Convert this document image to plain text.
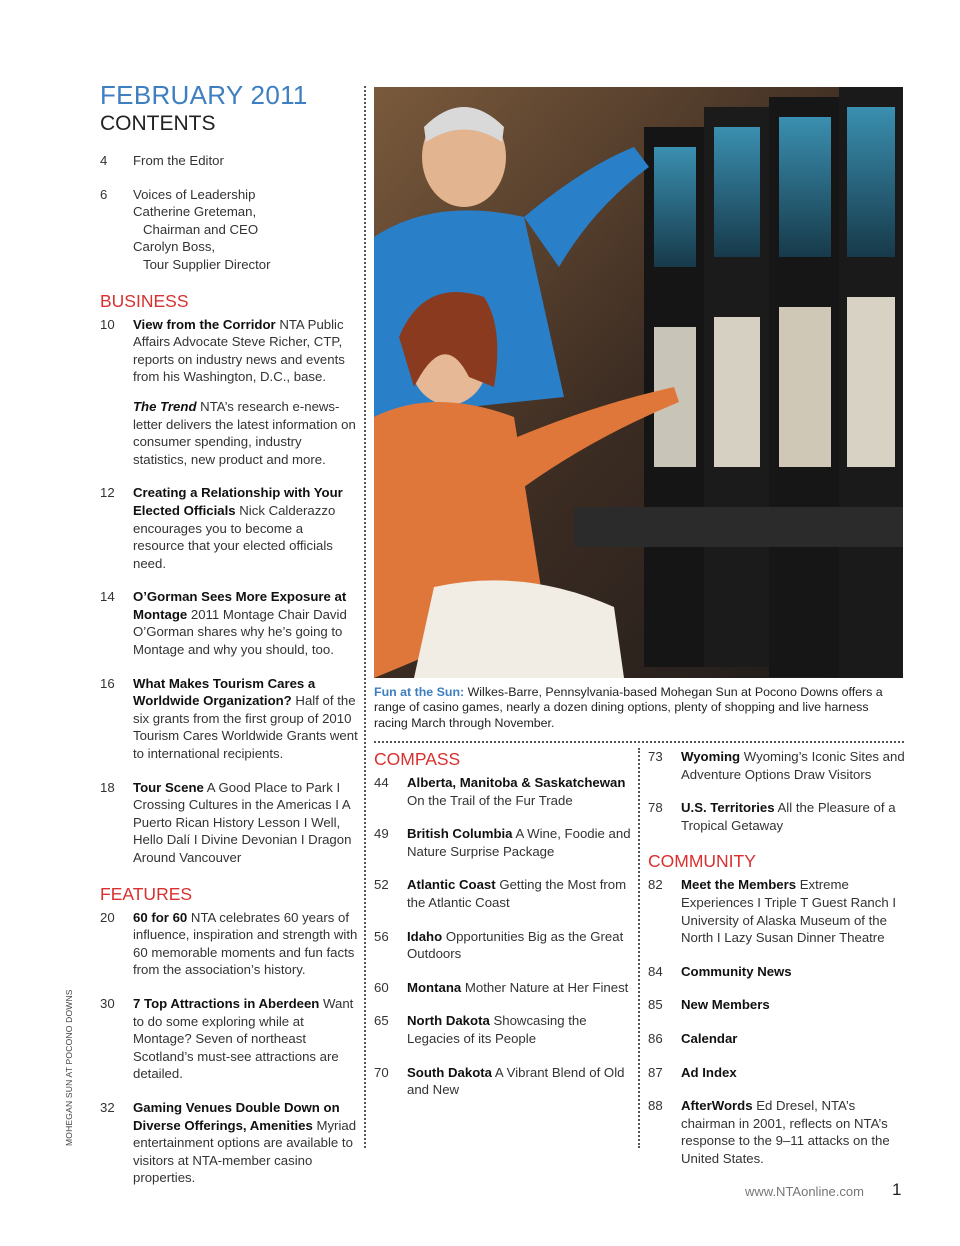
FEBRUARY 2011
CONTENTS
4	From the Editor
6	Voices of Leadership
Catherine Greteman,
Chairman and CEO
Carolyn Boss,
Tour Supplier Director
BUSINESS
10	View from the Corridor NTA Public Affairs Advocate Steve Richer, CTP, reports on industry news and events from his Washington, D.C., base.
The Trend NTA’s research e-news-letter delivers the latest information on consumer spending, industry statistics, new product and more.
12	Creating a Relationship with Your Elected Officials Nick Calderazzo encourages you to become a resource that your elected officials need.
14	O’Gorman Sees More Exposure at Montage 2011 Montage Chair David O’Gorman shares why he’s going to Montage and why you should, too.
16	What Makes Tourism Cares a Worldwide Organization? Half of the six grants from the first group of 2010 Tourism Cares Worldwide Grants went to international recipients.
18	Tour Scene A Good Place to Park I Crossing Cultures in the Americas I A Puerto Rican History Lesson I Well, Hello Dalí I Divine Devonian I Dragon Around Vancouver
FEATURES
20	60 for 60 NTA celebrates 60 years of influence, inspiration and strength with 60 memorable moments and fun facts from the association’s history.
30	7 Top Attractions in Aberdeen Want to do some exploring while at Montage? Seven of northeast Scotland’s must-see attractions are detailed.
32	Gaming Venues Double Down on Diverse Offerings, Amenities Myriad entertainment options are available to visitors at NTA-member casino properties.
Fun at the Sun: Wilkes-Barre, Pennsylvania-based Mohegan Sun at Pocono Downs offers a range of casino games, nearly a dozen dining options, plenty of shopping and live harness racing March through November.
COMPASS
44	Alberta, Manitoba & Saskatchewan On the Trail of the Fur Trade
49	British Columbia A Wine, Foodie and Nature Surprise Package
52	Atlantic Coast Getting the Most from the Atlantic Coast
56	Idaho Opportunities Big as the Great Outdoors
60	Montana Mother Nature at Her Finest
65	North Dakota Showcasing the Legacies of its People
70	South Dakota A Vibrant Blend of Old and New
73	Wyoming Wyoming’s Iconic Sites and Adventure Options Draw Visitors
78	U.S. Territories All the Pleasure of a Tropical Getaway
COMMUNITY
82	Meet the Members Extreme Experiences I Triple T Guest Ranch I University of Alaska Museum of the North I Lazy Susan Dinner Theatre
84	Community News
85	New Members
86	Calendar
87	Ad Index
88	AfterWords Ed Dresel, NTA’s chairman in 2001, reflects on NTA’s response to the 9–11 attacks on the United States.
MOHEGAN SUN AT POCONO DOWNS
www.NTAonline.com 1
